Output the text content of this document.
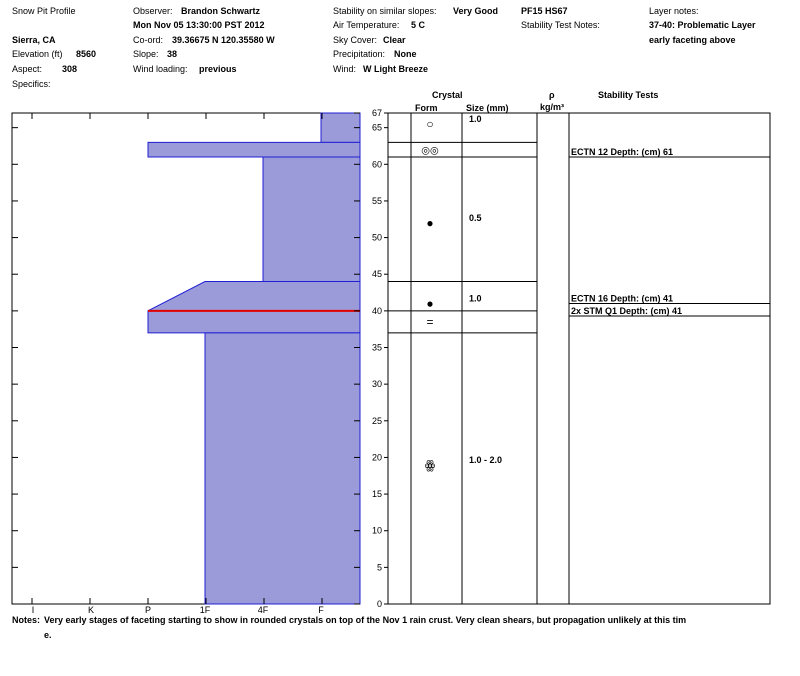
Snow Pit Profile
Sierra, CA
Elevation (ft) 8560
Aspect: 308
Specifics:
Observer: Brandon Schwartz
Mon Nov 05 13:30:00 PST 2012
Co-ord: 39.36675 N 120.35580 W
Slope: 38
Wind loading: previous
Stability on similar slopes: Very Good
Air Temperature: 5 C
Sky Cover: Clear
Precipitation: None
Wind: W Light Breeze
PF15 HS67
Stability Test Notes:
Layer notes:
37-40: Problematic Layer
early faceting above
Crystal
Form	Size (mm)
ρ
kg/m³
Stability Tests
0
5
10
15
20
25
30
35
40
45
50
55
60
65
67
I	K	P	1F	4F	F
○	1.0
◎◎
●	0.5
●	1.0
=
ꙮ	1.0 - 2.0
ECTN 12 Depth: (cm) 61
ECTN 16 Depth: (cm) 41
2x STM Q1 Depth: (cm) 41
Notes: Very early stages of faceting starting to show in rounded crystals on top of the Nov 1 rain crust. Very clean shears, but propagation unlikely at this tim
e.
